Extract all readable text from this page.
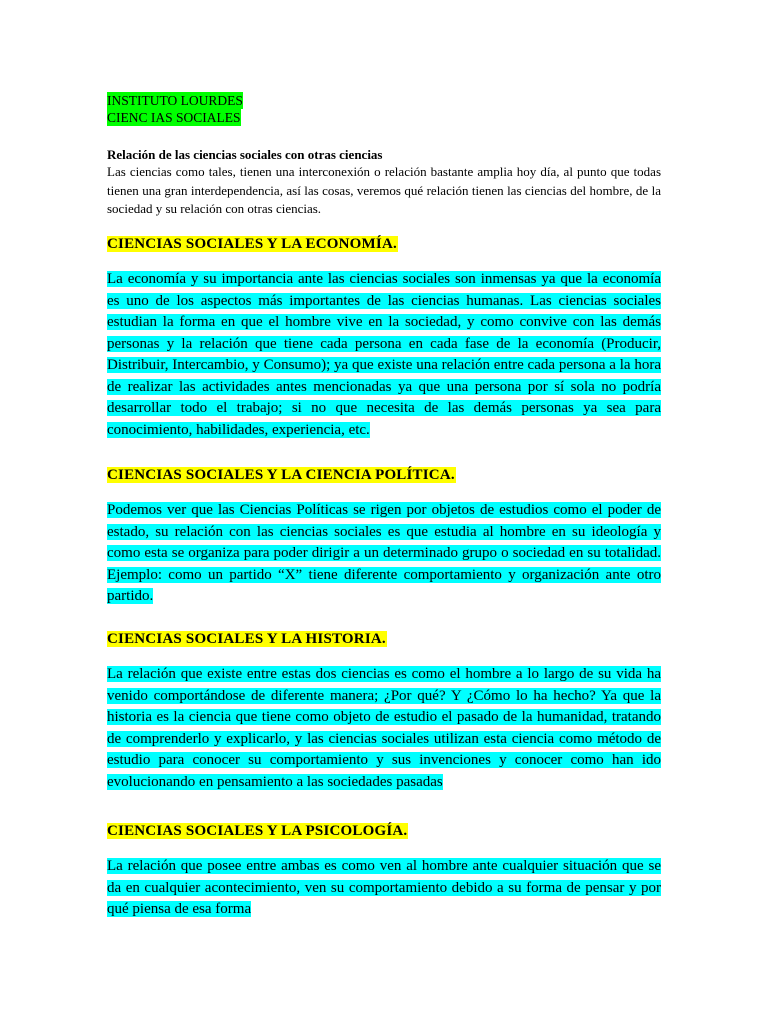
INSTITUTO LOURDES
CIENC IAS SOCIALES
Relación de las ciencias sociales con otras ciencias
Las ciencias como tales, tienen una interconexión o relación bastante amplia hoy día, al punto que todas tienen una gran interdependencia, así las cosas, veremos qué relación tienen las ciencias del hombre, de la sociedad y su relación con otras ciencias.
CIENCIAS SOCIALES Y LA ECONOMÍA.
La economía y su importancia ante las ciencias sociales son inmensas ya que la economía es uno de los aspectos más importantes de las ciencias humanas. Las ciencias sociales estudian la forma en que el hombre vive en la sociedad, y como convive con las demás personas y la relación que tiene cada persona en cada fase de la economía (Producir, Distribuir, Intercambio, y Consumo); ya que existe una relación entre cada persona a la hora de realizar las actividades antes mencionadas ya que una persona por sí sola no podría desarrollar todo el trabajo; si no que necesita de las demás personas ya sea para conocimiento, habilidades, experiencia, etc.
CIENCIAS SOCIALES Y LA CIENCIA POLÍTICA.
Podemos ver que las Ciencias Políticas se rigen por objetos de estudios como el poder de estado, su relación con las ciencias sociales es que estudia al hombre en su ideología y como esta se organiza para poder dirigir a un determinado grupo o sociedad en su totalidad. Ejemplo: como un partido “X” tiene diferente comportamiento y organización ante otro partido.
CIENCIAS SOCIALES Y LA HISTORIA.
La relación que existe entre estas dos ciencias es como el hombre a lo largo de su vida ha venido comportándose de diferente manera; ¿Por qué? Y ¿Cómo lo ha hecho? Ya que la historia es la ciencia que tiene como objeto de estudio el pasado de la humanidad, tratando de comprenderlo y explicarlo, y las ciencias sociales utilizan esta ciencia como método de estudio para conocer su comportamiento y sus invenciones y conocer como han ido evolucionando en pensamiento a las sociedades pasadas
CIENCIAS SOCIALES Y LA PSICOLOGÍA.
La relación que posee entre ambas es como ven al hombre ante cualquier situación que se da en cualquier acontecimiento, ven su comportamiento debido a su forma de pensar y por qué piensa de esa forma
